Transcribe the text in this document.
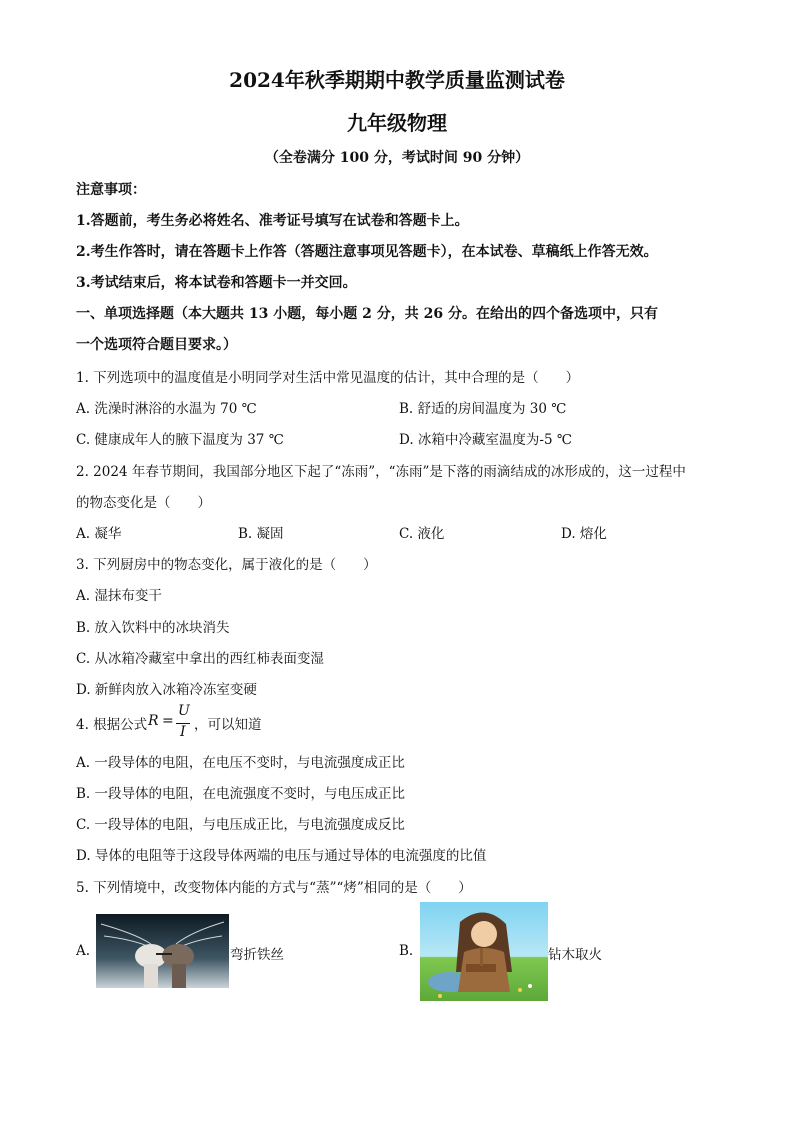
2024年秋季期期中教学质量监测试卷
九年级物理
（全卷满分 100 分，考试时间 90 分钟）
注意事项：
1.答题前，考生务必将姓名、准考证号填写在试卷和答题卡上。
2.考生作答时，请在答题卡上作答（答题注意事项见答题卡），在本试卷、草稿纸上作答无效。
3.考试结束后，将本试卷和答题卡一并交回。
一、单项选择题（本大题共 13 小题，每小题 2 分，共 26 分。在给出的四个备选项中，只有
一个选项符合题目要求。）
1. 下列选项中的温度值是小明同学对生活中常见温度的估计，其中合理的是（　　）
A. 洗澡时淋浴的水温为 70 ℃	B. 舒适的房间温度为 30 ℃
C. 健康成年人的腋下温度为 37 ℃	D. 冰箱中冷藏室温度为-5 ℃
2. 2024 年春节期间，我国部分地区下起了“冻雨”，“冻雨”是下落的雨滴结成的冰形成的，这一过程中
的物态变化是（　　）
A. 凝华	B. 凝固	C. 液化	D. 熔化
3. 下列厨房中的物态变化，属于液化的是（　　）
A. 湿抹布变干
B. 放入饮料中的冰块消失
C. 从冰箱冷藏室中拿出的西红柿表面变湿
D. 新鲜肉放入冰箱冷冻室变硬
4. 根据公式 R =
U
I ，可以知道
A. 一段导体的电阻，在电压不变时，与电流强度成正比
B. 一段导体的电阻，在电流强度不变时，与电压成正比
C. 一段导体的电阻，与电压成正比，与电流强度成反比
D. 导体的电阻等于这段导体两端的电压与通过导体的电流强度的比值
5. 下列情境中，改变物体内能的方式与“蒸”“烤”相同的是（　　）
A.	弯折铁丝	B.	钻木取火
